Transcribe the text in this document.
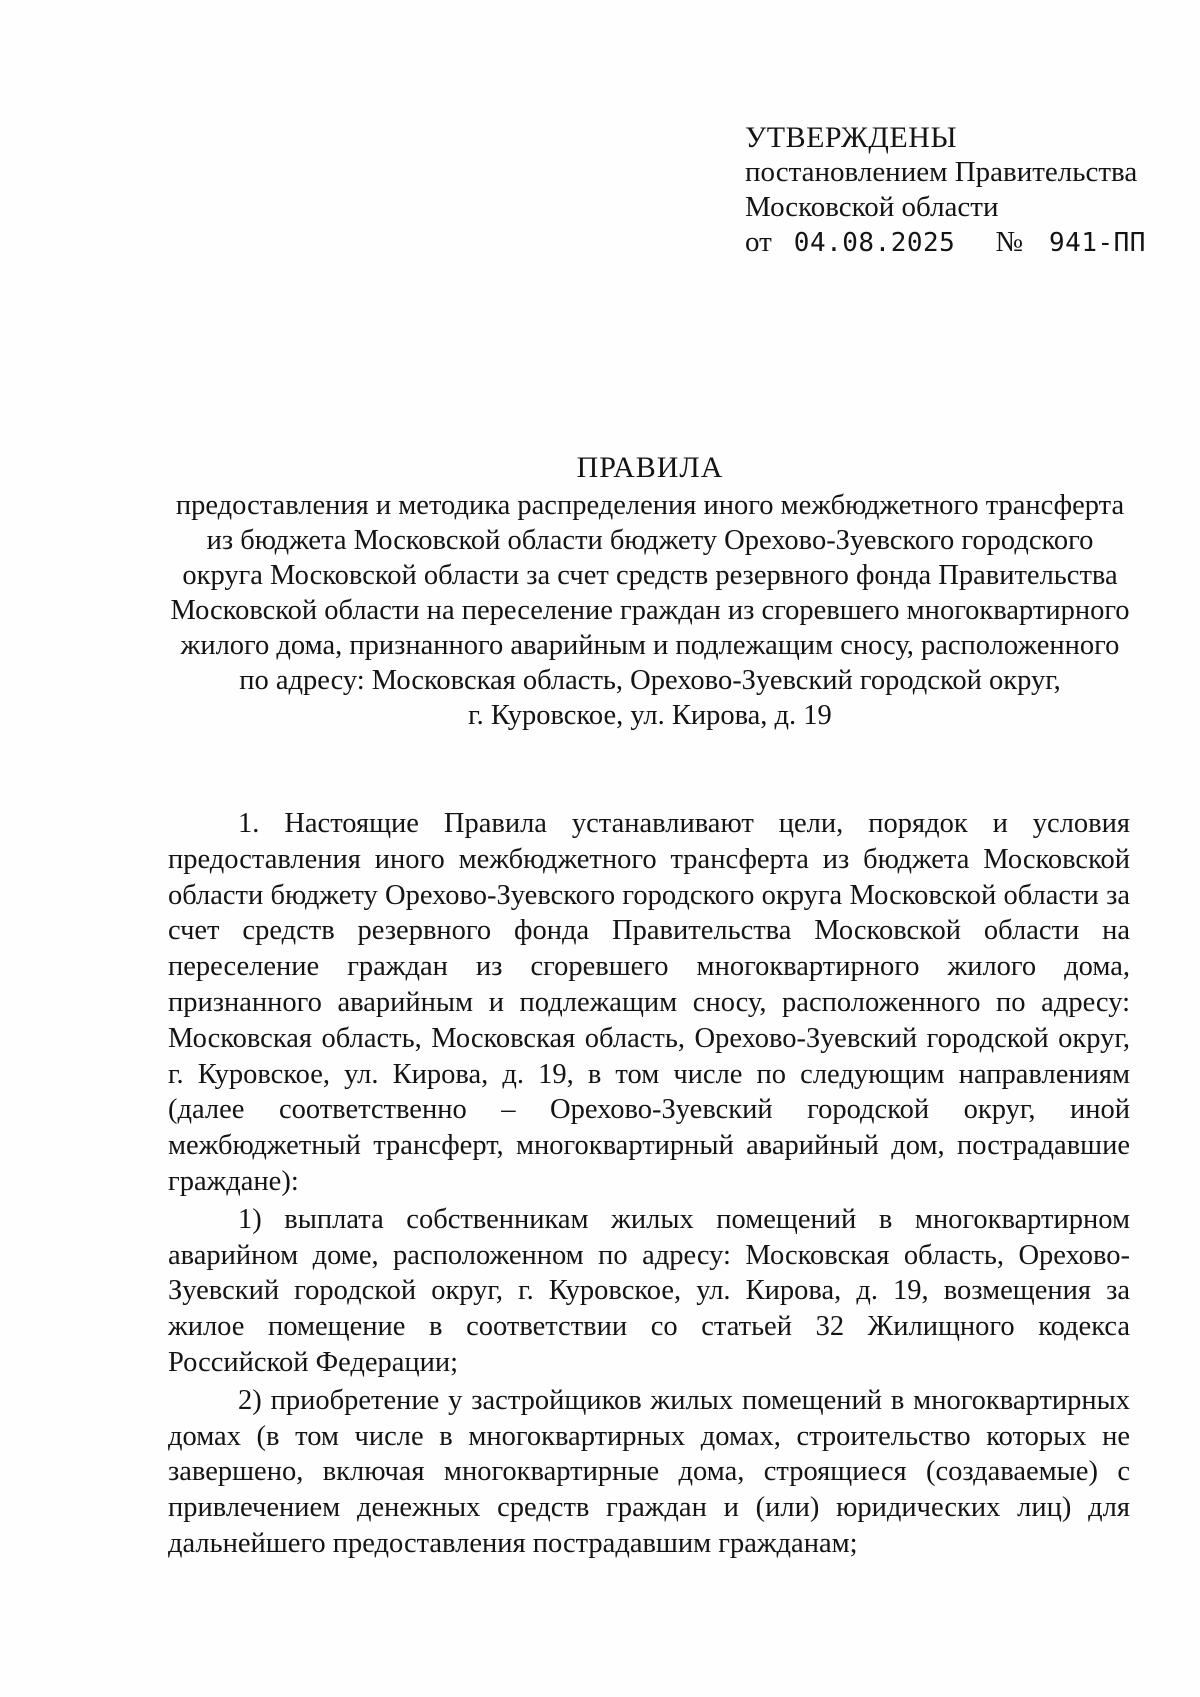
УТВЕРЖДЕНЫ
постановлением Правительства
Московской области
от 04.08.2025 № 941-ПП
ПРАВИЛА
предоставления и методика распределения иного межбюджетного трансферта
из бюджета Московской области бюджету Орехово-Зуевского городского
округа Московской области за счет средств резервного фонда Правительства
Московской области на переселение граждан из сгоревшего многоквартирного
жилого дома, признанного аварийным и подлежащим сносу, расположенного
по адресу: Московская область, Орехово-Зуевский городской округ,
г. Куровское, ул. Кирова, д. 19

1. Настоящие Правила устанавливают цели, порядок и условия предоставления иного межбюджетного трансферта из бюджета Московской области бюджету Орехово-Зуевского городского округа Московской области за счет средств резервного фонда Правительства Московской области на переселение граждан из сгоревшего многоквартирного жилого дома, признанного аварийным и подлежащим сносу, расположенного по адресу: Московская область, Московская область, Орехово-Зуевский городской округ, г. Куровское, ул. Кирова, д. 19, в том числе по следующим направлениям (далее соответственно – Орехово-Зуевский городской округ, иной межбюджетный трансферт, многоквартирный аварийный дом, пострадавшие граждане):

1) выплата собственникам жилых помещений в многоквартирном аварийном доме, расположенном по адресу: Московская область, Орехово-Зуевский городской округ, г. Куровское, ул. Кирова, д. 19, возмещения за жилое помещение в соответствии со статьей 32 Жилищного кодекса Российской Федерации;

2) приобретение у застройщиков жилых помещений в многоквартирных домах (в том числе в многоквартирных домах, строительство которых не завершено, включая многоквартирные дома, строящиеся (создаваемые) с привлечением денежных средств граждан и (или) юридических лиц) для дальнейшего предоставления пострадавшим гражданам;
